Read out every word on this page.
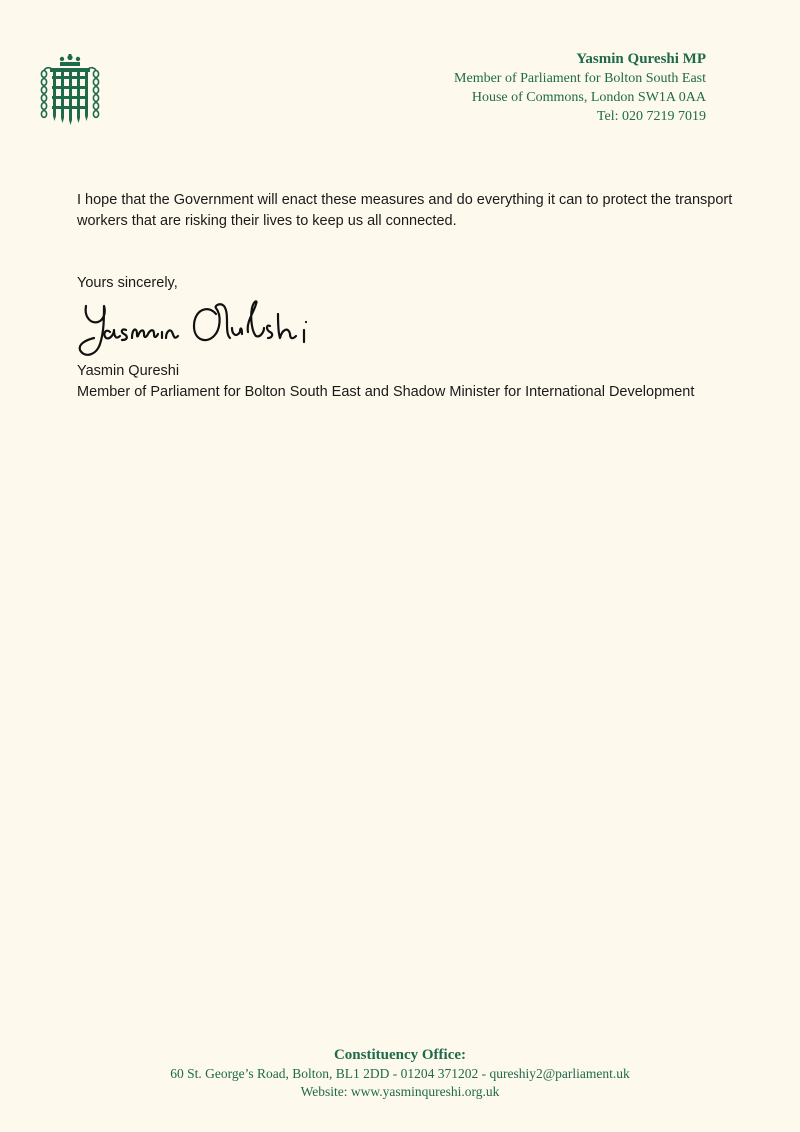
Yasmin Qureshi MP
Member of Parliament for Bolton South East
House of Commons, London SW1A 0AA
Tel: 020 7219 7019
I hope that the Government will enact these measures and do everything it can to protect the transport workers that are risking their lives to keep us all connected.
Yours sincerely,
Yasmin Qureshi
Member of Parliament for Bolton South East and Shadow Minister for International Development
Constituency Office:
60 St. George’s Road, Bolton, BL1 2DD - 01204 371202 - qureshiy2@parliament.uk
Website: www.yasminqureshi.org.uk
